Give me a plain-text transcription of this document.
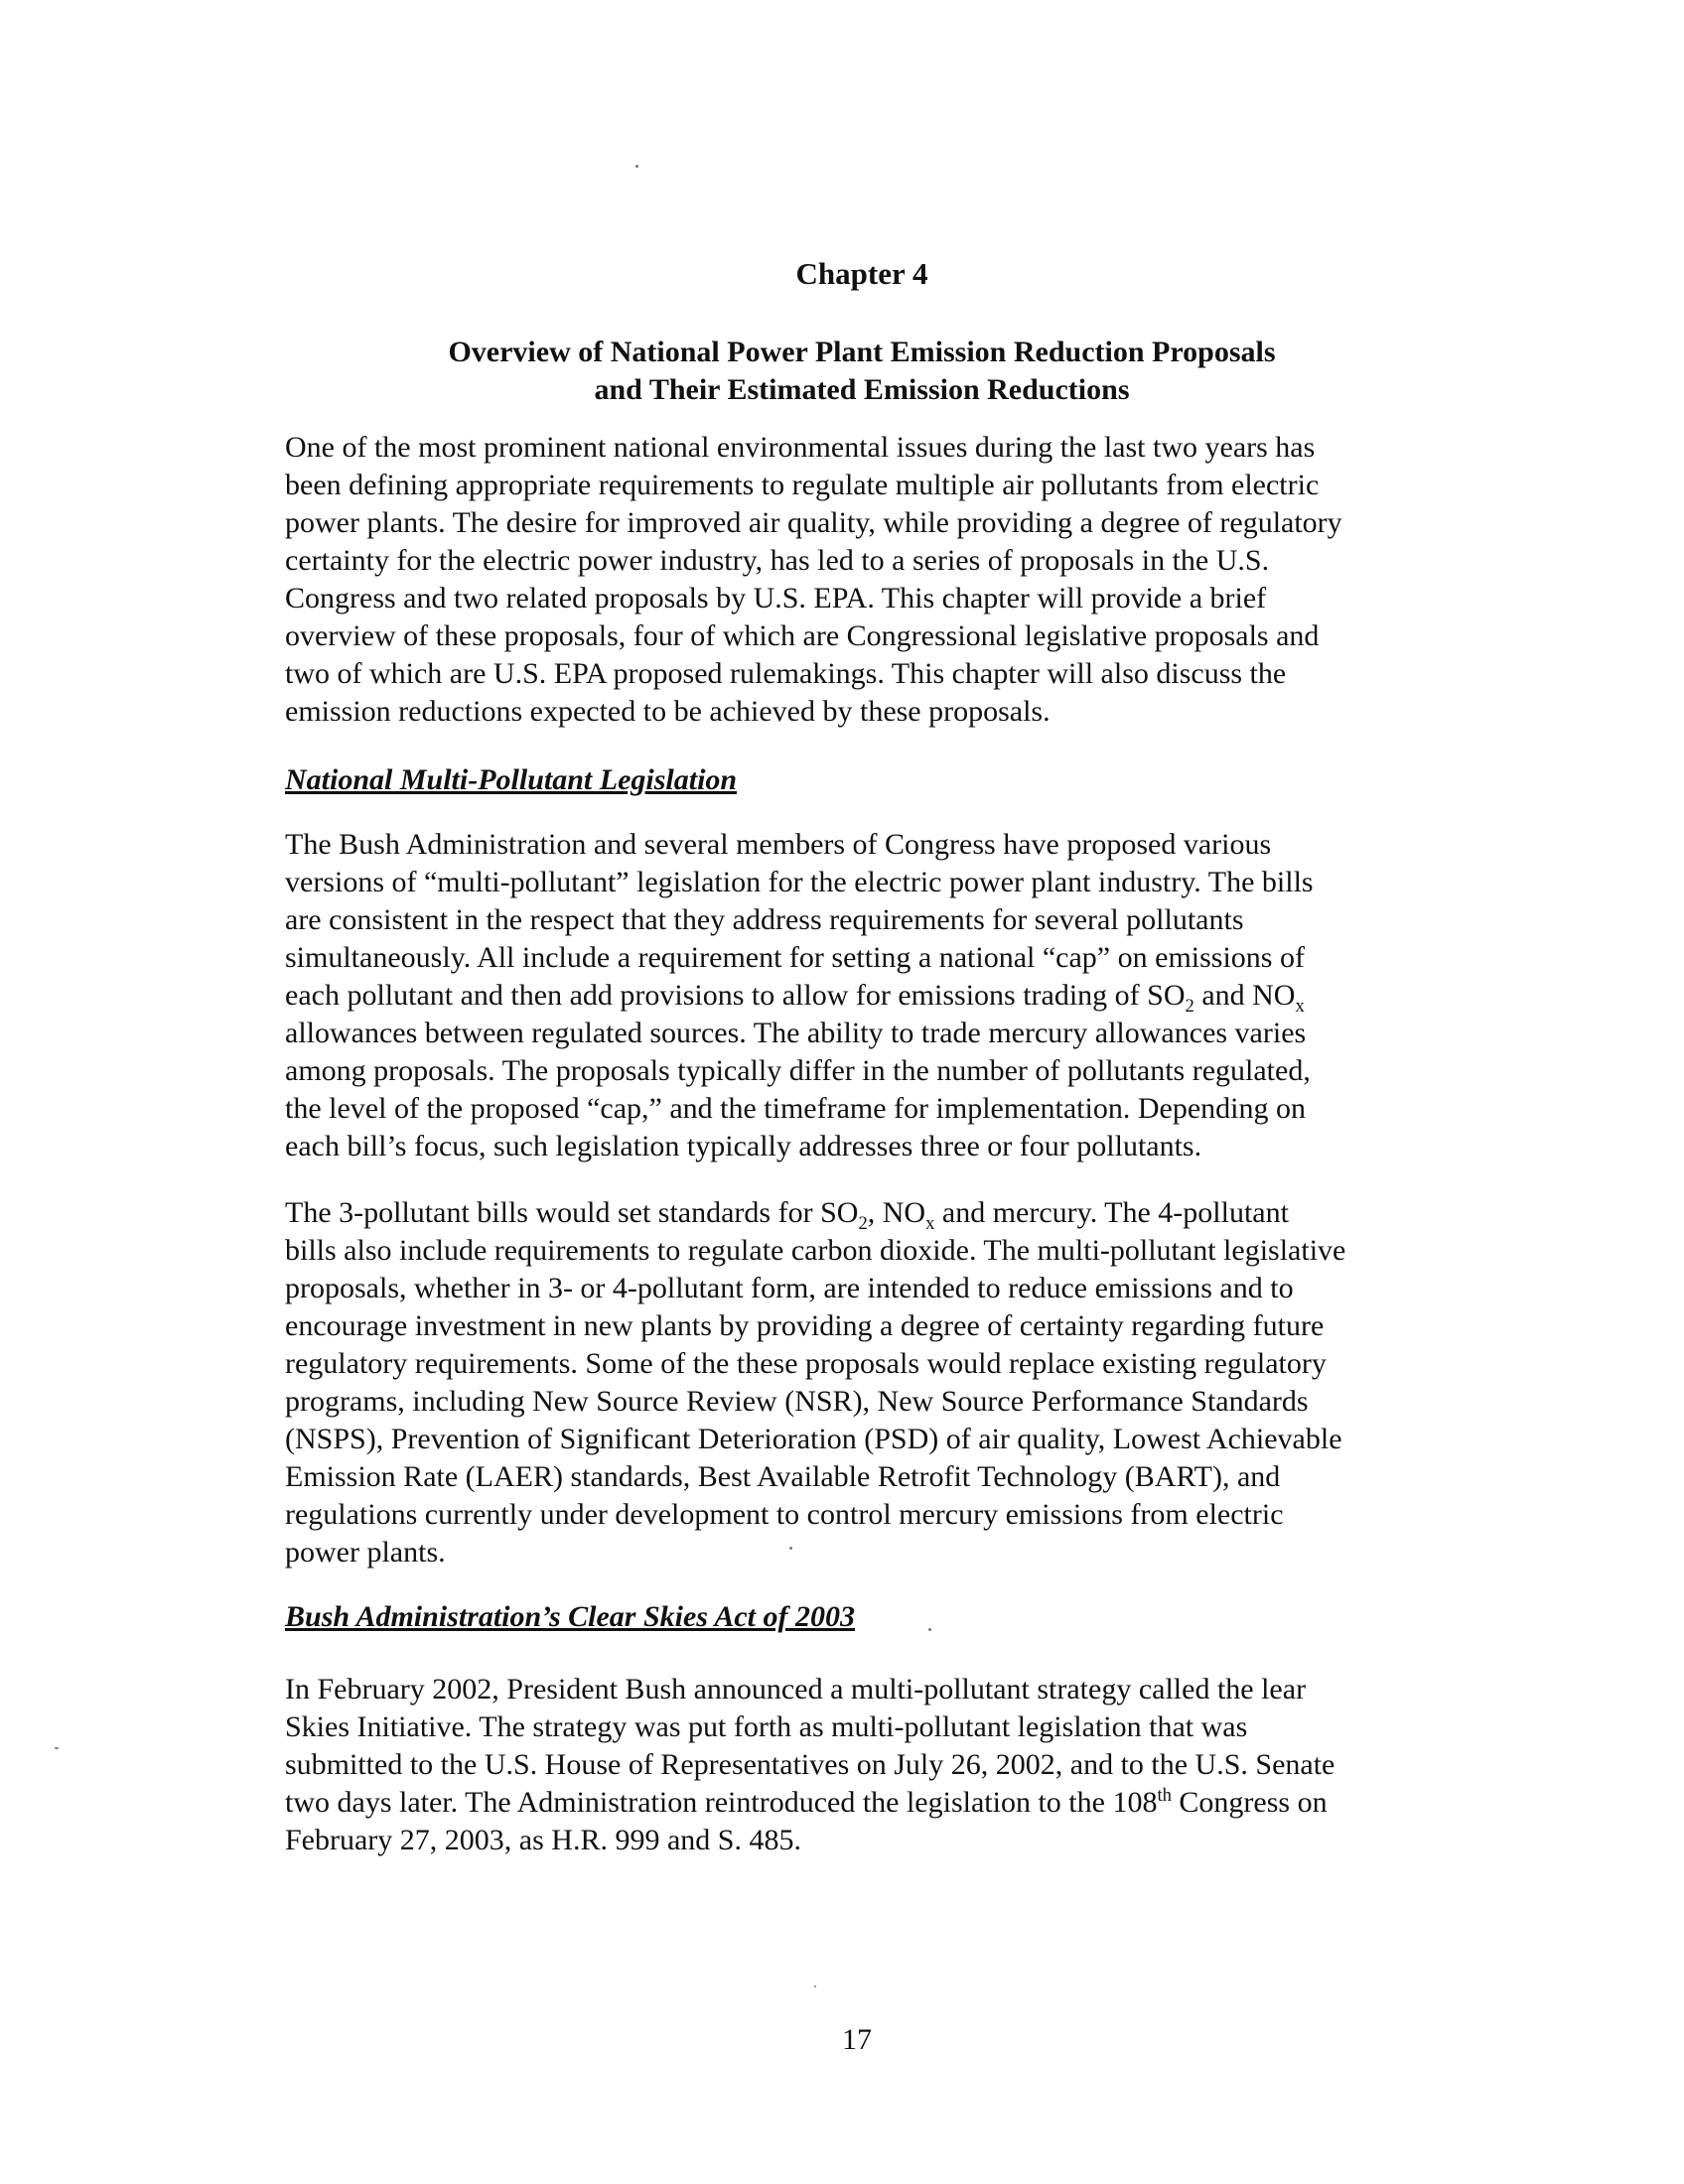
Chapter 4
Overview of National Power Plant Emission Reduction Proposals
and Their Estimated Emission Reductions

One of the most prominent national environmental issues during the last two years has
been defining appropriate requirements to regulate multiple air pollutants from electric
power plants. The desire for improved air quality, while providing a degree of regulatory
certainty for the electric power industry, has led to a series of proposals in the U.S.
Congress and two related proposals by U.S. EPA. This chapter will provide a brief
overview of these proposals, four of which are Congressional legislative proposals and
two of which are U.S. EPA proposed rulemakings. This chapter will also discuss the
emission reductions expected to be achieved by these proposals.

National Multi-Pollutant Legislation

The Bush Administration and several members of Congress have proposed various
versions of “multi-pollutant” legislation for the electric power plant industry. The bills
are consistent in the respect that they address requirements for several pollutants
simultaneously. All include a requirement for setting a national “cap” on emissions of
each pollutant and then add provisions to allow for emissions trading of $SO_2$ and $NO_x$
allowances between regulated sources. The ability to trade mercury allowances varies
among proposals. The proposals typically differ in the number of pollutants regulated,
the level of the proposed “cap,” and the timeframe for implementation. Depending on
each bill’s focus, such legislation typically addresses three or four pollutants.

The 3-pollutant bills would set standards for $SO_2$, $NO_x$ and mercury. The 4-pollutant
bills also include requirements to regulate carbon dioxide. The multi-pollutant legislative
proposals, whether in 3- or 4-pollutant form, are intended to reduce emissions and to
encourage investment in new plants by providing a degree of certainty regarding future
regulatory requirements. Some of the these proposals would replace existing regulatory
programs, including New Source Review (NSR), New Source Performance Standards
(NSPS), Prevention of Significant Deterioration (PSD) of air quality, Lowest Achievable
Emission Rate (LAER) standards, Best Available Retrofit Technology (BART), and
regulations currently under development to control mercury emissions from electric
power plants.

Bush Administration’s Clear Skies Act of 2003

In February 2002, President Bush announced a multi-pollutant strategy called the lear
Skies Initiative. The strategy was put forth as multi-pollutant legislation that was
submitted to the U.S. House of Representatives on July 26, 2002, and to the U.S. Senate
two days later. The Administration reintroduced the legislation to the 108th Congress on
February 27, 2003, as H.R. 999 and S. 485.

17
